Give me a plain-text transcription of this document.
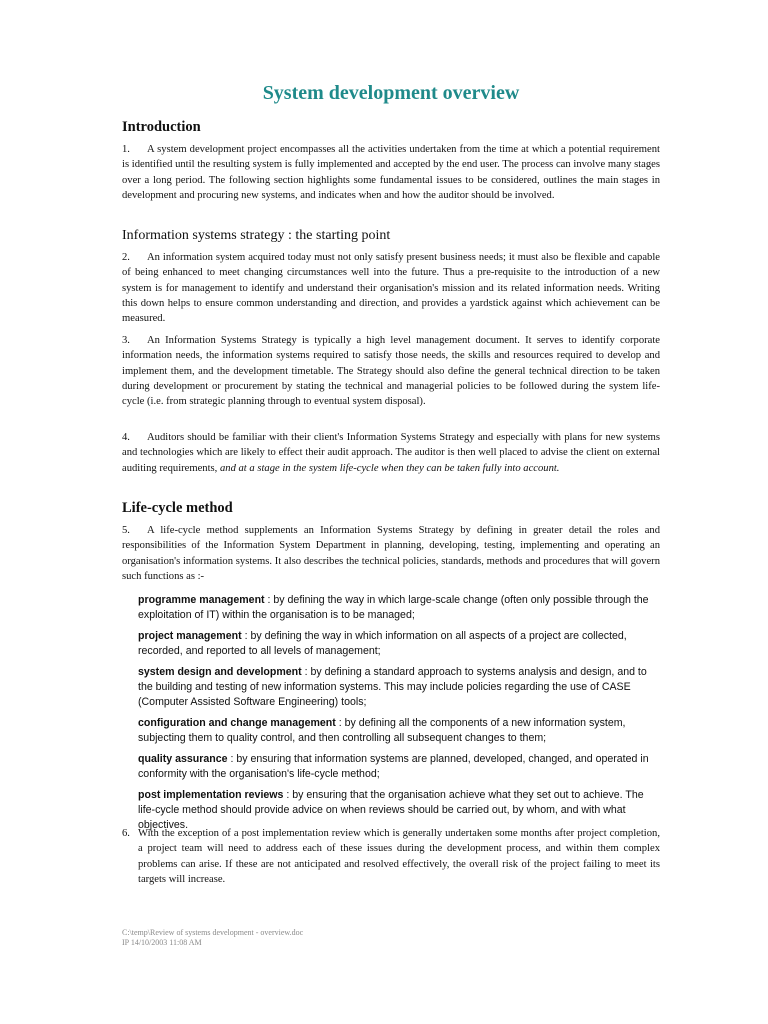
System development overview
Introduction
1. A system development project encompasses all the activities undertaken from the time at which a potential requirement is identified until the resulting system is fully implemented and accepted by the end user. The process can involve many stages over a long period. The following section highlights some fundamental issues to be considered, outlines the main stages in development and procuring new systems, and indicates when and how the auditor should be involved.
Information systems strategy : the starting point
2. An information system acquired today must not only satisfy present business needs; it must also be flexible and capable of being enhanced to meet changing circumstances well into the future. Thus a pre-requisite to the introduction of a new system is for management to identify and understand their organisation's mission and its related information needs. Writing this down helps to ensure common understanding and direction, and provides a yardstick against which achievement can be measured.
3. An Information Systems Strategy is typically a high level management document. It serves to identify corporate information needs, the information systems required to satisfy those needs, the skills and resources required to develop and implement them, and the development timetable. The Strategy should also define the general technical direction to be taken during development or procurement by stating the technical and managerial policies to be followed during the system life-cycle (i.e. from strategic planning through to eventual system disposal).
4. Auditors should be familiar with their client's Information Systems Strategy and especially with plans for new systems and technologies which are likely to effect their audit approach. The auditor is then well placed to advise the client on external auditing requirements, and at a stage in the system life-cycle when they can be taken fully into account.
Life-cycle method
5. A life-cycle method supplements an Information Systems Strategy by defining in greater detail the roles and responsibilities of the Information System Department in planning, developing, testing, implementing and operating an organisation's information systems. It also describes the technical policies, standards, methods and procedures that will govern such functions as :-
programme management : by defining the way in which large-scale change (often only possible through the exploitation of IT) within the organisation is to be managed;
project management : by defining the way in which information on all aspects of a project are collected, recorded, and reported to all levels of management;
system design and development : by defining a standard approach to systems analysis and design, and to the building and testing of new information systems. This may include policies regarding the use of CASE (Computer Assisted Software Engineering) tools;
configuration and change management : by defining all the components of a new information system, subjecting them to quality control, and then controlling all subsequent changes to them;
quality assurance : by ensuring that information systems are planned, developed, changed, and operated in conformity with the organisation's life-cycle method;
post implementation reviews : by ensuring that the organisation achieve what they set out to achieve. The life-cycle method should provide advice on when reviews should be carried out, by whom, and with what objectives.
6. With the exception of a post implementation review which is generally undertaken some months after project completion, a project team will need to address each of these issues during the development process, and within them complex problems can arise. If these are not anticipated and resolved effectively, the overall risk of the project failing to meet its targets will increase.
C:\temp\Review of systems development - overview.doc
IP 14/10/2003 11:08 AM
